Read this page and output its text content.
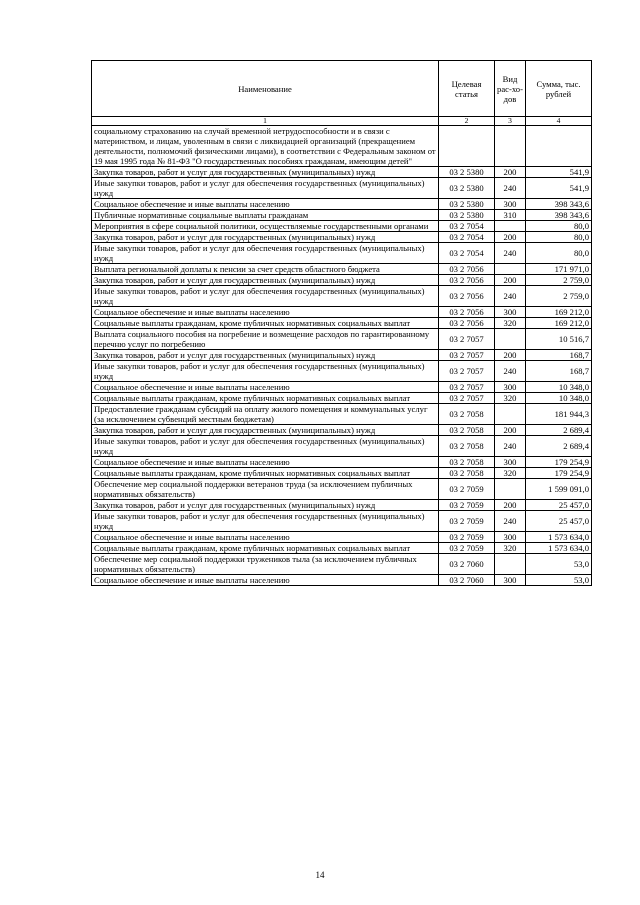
Наименование	Целевая статья	Вид рас-хо-дов	Сумма, тыс. рублей
1	2	3	4
социальному страхованию на случай временной нетрудоспособности и в связи с материнством, и лицам, уволенным в связи с ликвидацией организаций (прекращением деятельности, полномочий физическими лицами), в соответствии с Федеральным законом от 19 мая 1995 года № 81-ФЗ "О государственных пособиях гражданам, имеющим детей"			
Закупка товаров, работ и услуг для государственных (муниципальных) нужд	03 2 5380	200	541,9
Иные закупки товаров, работ и услуг для обеспечения государственных (муниципальных) нужд	03 2 5380	240	541,9
Социальное обеспечение и иные выплаты населению	03 2 5380	300	398 343,6
Публичные нормативные социальные выплаты гражданам	03 2 5380	310	398 343,6
Мероприятия в сфере социальной политики, осуществляемые государственными органами	03 2 7054		80,0
Закупка товаров, работ и услуг для государственных (муниципальных) нужд	03 2 7054	200	80,0
Иные закупки товаров, работ и услуг для обеспечения государственных (муниципальных) нужд	03 2 7054	240	80,0
Выплата региональной доплаты к пенсии за счет средств областного бюджета	03 2 7056		171 971,0
Закупка товаров, работ и услуг для государственных (муниципальных) нужд	03 2 7056	200	2 759,0
Иные закупки товаров, работ и услуг для обеспечения государственных (муниципальных) нужд	03 2 7056	240	2 759,0
Социальное обеспечение и иные выплаты населению	03 2 7056	300	169 212,0
Социальные выплаты гражданам, кроме публичных нормативных социальных выплат	03 2 7056	320	169 212,0
Выплата социального пособия на погребение и возмещение расходов по гарантированному перечню услуг по погребению	03 2 7057		10 516,7
Закупка товаров, работ и услуг для государственных (муниципальных) нужд	03 2 7057	200	168,7
Иные закупки товаров, работ и услуг для обеспечения государственных (муниципальных) нужд	03 2 7057	240	168,7
Социальное обеспечение и иные выплаты населению	03 2 7057	300	10 348,0
Социальные выплаты гражданам, кроме публичных нормативных социальных выплат	03 2 7057	320	10 348,0
Предоставление гражданам субсидий на оплату жилого помещения и коммунальных услуг (за исключением субвенций местным бюджетам)	03 2 7058		181 944,3
Закупка товаров, работ и услуг для государственных (муниципальных) нужд	03 2 7058	200	2 689,4
Иные закупки товаров, работ и услуг для обеспечения государственных (муниципальных) нужд	03 2 7058	240	2 689,4
Социальное обеспечение и иные выплаты населению	03 2 7058	300	179 254,9
Социальные выплаты гражданам, кроме публичных нормативных социальных выплат	03 2 7058	320	179 254,9
Обеспечение мер социальной поддержки ветеранов труда (за исключением публичных нормативных обязательств)	03 2 7059		1 599 091,0
Закупка товаров, работ и услуг для государственных (муниципальных) нужд	03 2 7059	200	25 457,0
Иные закупки товаров, работ и услуг для обеспечения государственных (муниципальных) нужд	03 2 7059	240	25 457,0
Социальное обеспечение и иные выплаты населению	03 2 7059	300	1 573 634,0
Социальные выплаты гражданам, кроме публичных нормативных социальных выплат	03 2 7059	320	1 573 634,0
Обеспечение мер социальной поддержки тружеников тыла (за исключением публичных нормативных обязательств)	03 2 7060		53,0
Социальное обеспечение и иные выплаты населению	03 2 7060	300	53,0
14
